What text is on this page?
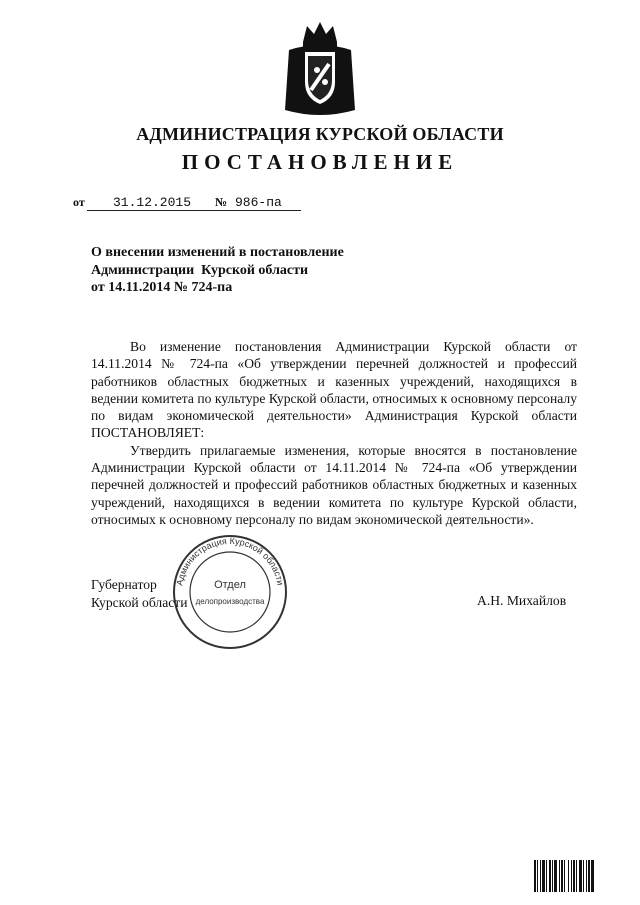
АДМИНИСТРАЦИЯ КУРСКОЙ ОБЛАСТИ
ПОСТАНОВЛЕНИЕ
от 31.12.2015 № 986-па
О внесении изменений в постановление
Администрации  Курской области
от 14.11.2014 № 724-па

Во изменение постановления Администрации Курской области от 14.11.2014 № 724-па «Об утверждении перечней должностей и профессий работников областных бюджетных и казенных учреждений, находящихся в ведении комитета по культуре Курской области, относимых к основному персоналу по видам экономической деятельности» Администрация Курской области ПОСТАНОВЛЯЕТ:

Утвердить прилагаемые изменения, которые вносятся в постановление Администрации Курской области от 14.11.2014 № 724-па «Об утверждении перечней должностей и профессий работников областных бюджетных и казенных учреждений, находящихся в ведении комитета по культуре Курской области, относимых к основному персоналу по видам экономической деятельности».

Администрация Курской области
Отдел
делопроизводства
Губернатор
Курской области	А.Н. Михайлов
